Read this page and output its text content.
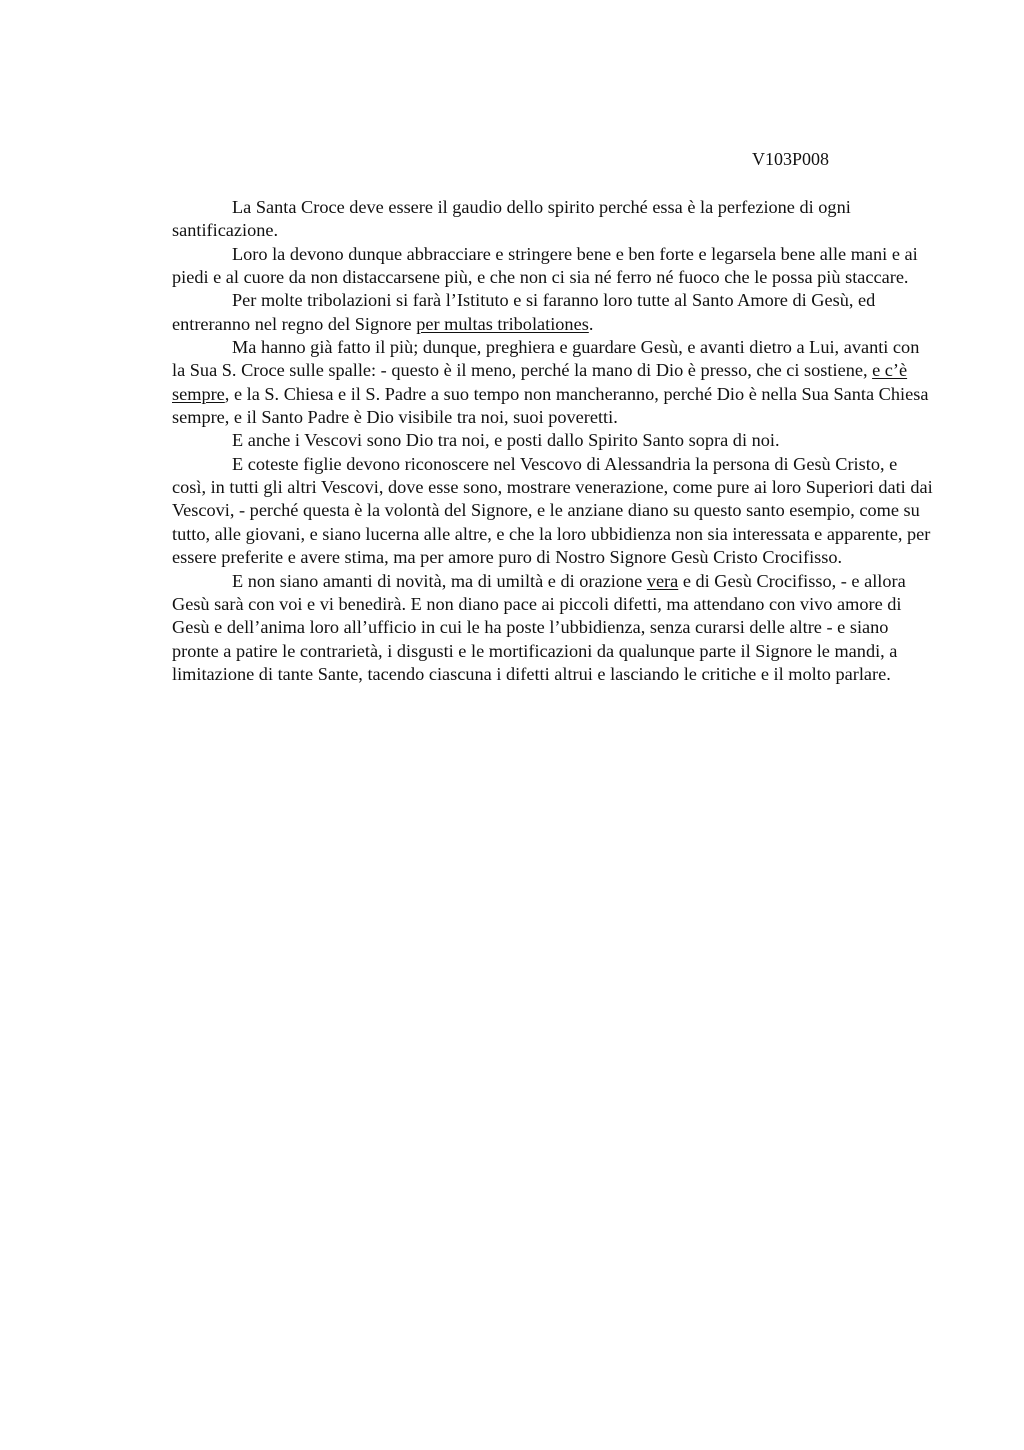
V103P008

La Santa Croce deve essere il gaudio dello spirito perché essa è la perfezione di ogni santificazione.

Loro la devono dunque abbracciare e stringere bene e ben forte e legarsela bene alle mani e ai piedi e al cuore da non distaccarsene più, e che non ci sia né ferro né fuoco che le possa più staccare.

Per molte tribolazioni si farà l’Istituto e si faranno loro tutte al Santo Amore di Gesù, ed entreranno nel regno del Signore per multas tribolationes.

Ma hanno già fatto il più; dunque, preghiera e guardare Gesù, e avanti dietro a Lui, avanti con la Sua S. Croce sulle spalle: - questo è il meno, perché la mano di Dio è presso, che ci sostiene, e c’è sempre, e la S. Chiesa e il S. Padre a suo tempo non mancheranno, perché Dio è nella Sua Santa Chiesa sempre, e il Santo Padre è Dio visibile tra noi, suoi poveretti.

E anche i Vescovi sono Dio tra noi, e posti dallo Spirito Santo sopra di noi.

E coteste figlie devono riconoscere nel Vescovo di Alessandria la persona di Gesù Cristo, e così, in tutti gli altri Vescovi, dove esse sono, mostrare venerazione, come pure ai loro Superiori dati dai Vescovi, - perché questa è la volontà del Signore, e le anziane diano su questo santo esempio, come su tutto, alle giovani, e siano lucerna alle altre, e che la loro ubbidienza non sia interessata e apparente, per essere preferite e avere stima, ma per amore puro di Nostro Signore Gesù Cristo Crocifisso.

E non siano amanti di novità, ma di umiltà e di orazione vera e di Gesù Crocifisso, - e allora Gesù sarà con voi e vi benedirà. E non diano pace ai piccoli difetti, ma attendano con vivo amore di Gesù e dell’anima loro all’ufficio in cui le ha poste l’ubbidienza, senza curarsi delle altre - e siano pronte a patire le contrarietà, i disgusti e le mortificazioni da qualunque parte il Signore le mandi, a limitazione di tante Sante, tacendo ciascuna i difetti altrui e lasciando le critiche e il molto parlare.
